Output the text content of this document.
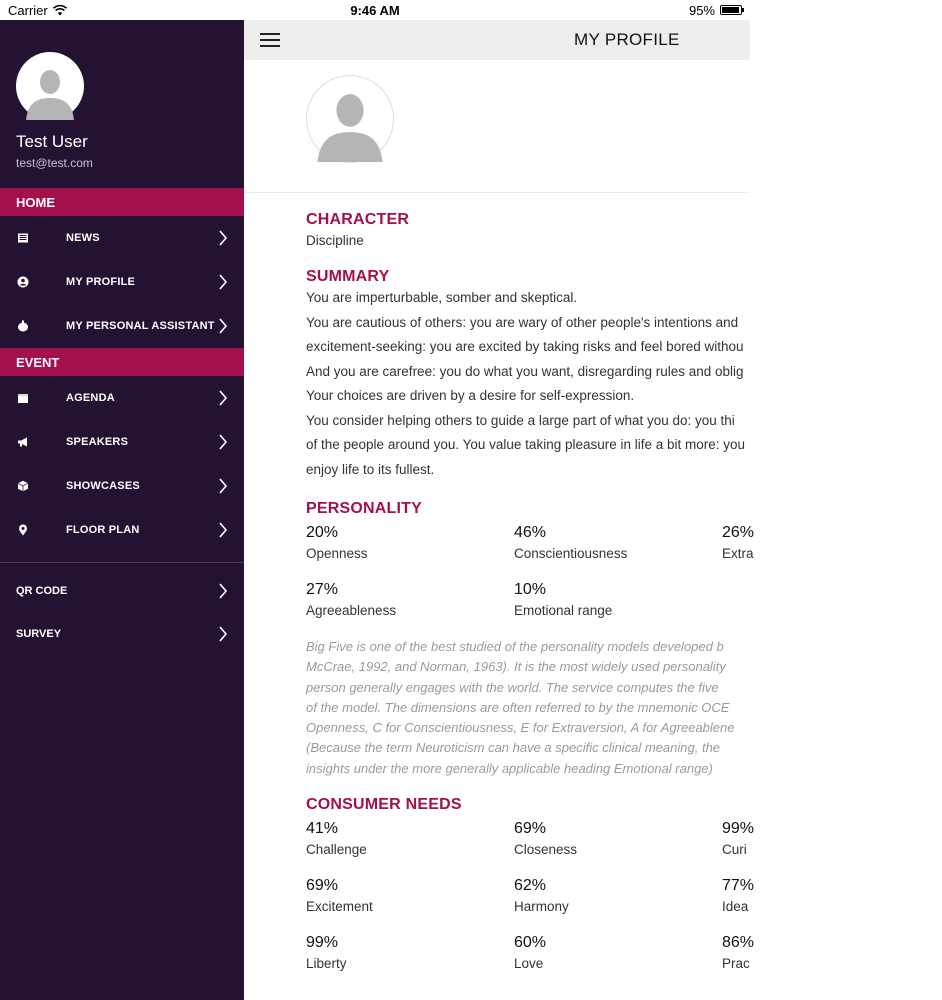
Carrier	9:46 AM	95%
Test User
test@test.com
HOME
NEWS
MY PROFILE
MY PERSONAL ASSISTANT
EVENT
AGENDA
SPEAKERS
SHOWCASES
FLOOR PLAN
QR CODE
SURVEY
MY PROFILE
CHARACTER
Discipline
SUMMARY
You are imperturbable, somber and skeptical.
You are cautious of others: you are wary of other people's intentions and
excitement-seeking: you are excited by taking risks and feel bored withou
And you are carefree: you do what you want, disregarding rules and oblig
Your choices are driven by a desire for self-expression.
You consider helping others to guide a large part of what you do: you thi
of the people around you. You value taking pleasure in life a bit more: you
enjoy life to its fullest.
PERSONALITY
20%
Openness
46%
Conscientiousness
26%
Extra
27%
Agreeableness
10%
Emotional range
Big Five is one of the best studied of the personality models developed b
McCrae, 1992, and Norman, 1963). It is the most widely used personality
person generally engages with the world. The service computes the five
of the model. The dimensions are often referred to by the mnemonic OCE
Openness, C for Conscientiousness, E for Extraversion, A for Agreeablene
(Because the term Neuroticism can have a specific clinical meaning, the
insights under the more generally applicable heading Emotional range)
CONSUMER NEEDS
41%
Challenge
69%
Closeness
99%
Curi
69%
Excitement
62%
Harmony
77%
Idea
99%
Liberty
60%
Love
86%
Prac
